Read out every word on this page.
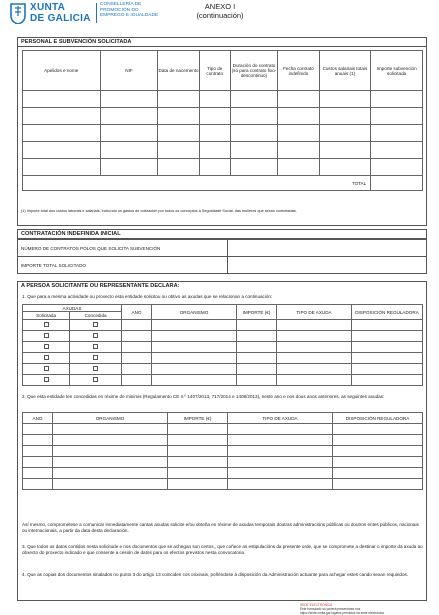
XUNTA
DE GALICIA
CONSELLERÍA DE
PROMOCIÓN DO
EMPREGO E IGUALDADE
ANEXO I
(continuación)
PERSONAL E SUBVENCIÓN SOLICITADA
Apelidos e nome	NIF	Data de nacemento	Tipo de contrato	Duración do contrato (só para contrato fixo-descontinuo)	Fecha contrato indefinido	Custos salariais totais anuais (1)	Importe subvención solicitada

TOTAL							
(1) Importe total dos custos laborais e salariais, incluíndo os gastos de cotización por todos os conceptos á Seguridade Social, das mulleres que sexan contratadas.
CONTRATACIÓN INDEFINIDA INICIAL
NÚMERO DE CONTRATOS POLOS QUE SOLICITA SUBVENCIÓN
IMPORTE TOTAL SOLICITADO
A PERSOA SOLICITANTE OU REPRESENTANTE DECLARA:
1. Que para a mesma actividade ou proxecto esta entidade solicitou ou obtivo as axudas que se relacionan a continuación:
AXUDAS		ANO	ORGANISMO	IMPORTE (€)	TIPO DE AXUDA	DISPOSICIÓN REGULADORA
Solicitada	Concedida					

2. Que esta entidade ten concedidas en réxime de minimis (Regulamento CE n.º 1407/2013, 717/2014 e 1408/2013), neste ano e nos dous anos anteriores, as seguintes axudas:
ANO	ORGANISMO	IMPORTE (€)	TIPO DE AXUDA	DISPOSICIÓN REGULADORA

Así mesmo, comprométese a comunicar inmediatamente cantas axudas solicite e/ou obteña en réxime de axudas temporais doutras administracións públicas ou doutros entes públicos, nacionais ou internacionais, a partir da data desta declaración.
3. Que todos os datos contidos nesta solicitude e nos documentos que se achegan son certos,, que coñece as estipulacións da presente orde, que se compromete a destinar o importe da axuda ao obxecto do proxecto indicado e que consente a cesión de datos para os efectos previstos nesta convocatoria.
4. Que as copias dos documentos sinalados no punto 3 do artigo 13 coinciden cos orixinais, poñéndose á disposición da Administración actuante para achegar estes cando sexan requiridos.
SEDE ELECTRÓNICA
Este formulario só poderá presentarse nos
https://sede.xunta.gal lugares previstos na sede electrónica
